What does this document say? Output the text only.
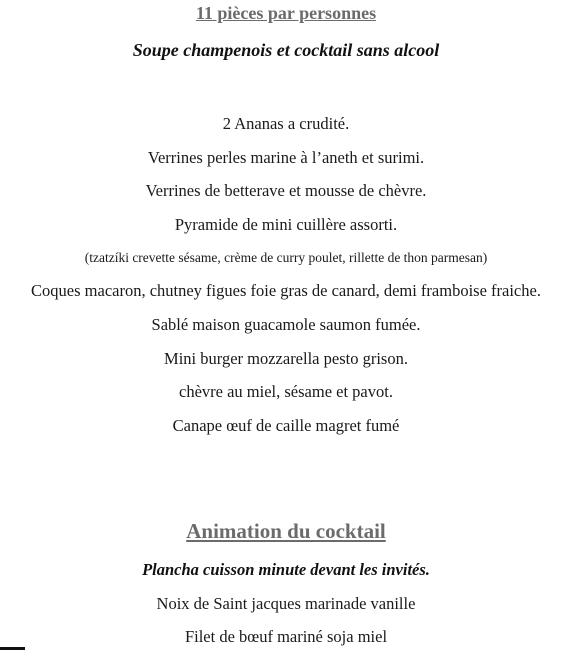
11 pièces par personnes
Soupe champenois et cocktail sans alcool
2 Ananas a crudité.
Verrines perles marine à l’aneth et surimi.
Verrines de betterave et mousse de chèvre.
Pyramide de mini cuillère assorti.
(tzatzíki crevette sésame, crème de curry poulet, rillette de thon parmesan)
Coques macaron, chutney figues foie gras de canard, demi framboise fraiche.
Sablé maison guacamole saumon fumée.
Mini burger mozzarella pesto grison.
chèvre au miel, sésame et pavot.
Canape œuf de caille magret fumé
Animation du cocktail
Plancha cuisson minute devant les invités.
Noix de Saint jacques marinade vanille
Filet de bœuf mariné soja miel
